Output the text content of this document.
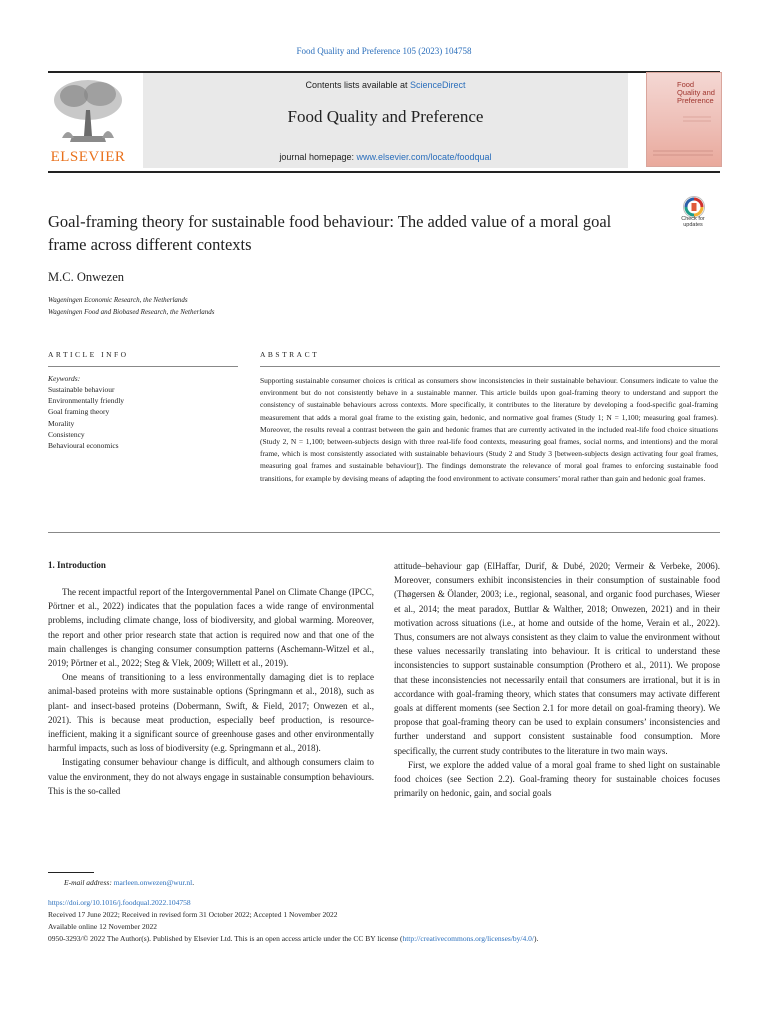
Food Quality and Preference 105 (2023) 104758
ELSEVIER
Contents lists available at ScienceDirect
Food Quality and Preference
journal homepage: www.elsevier.com/locate/foodqual
Food Quality and Preference
Goal-framing theory for sustainable food behaviour: The added value of a moral goal frame across different contexts
Check for updates
M.C. Onwezen
Wageningen Economic Research, the Netherlands
Wageningen Food and Biobased Research, the Netherlands
ARTICLE INFO	ABSTRACT
Keywords:
Sustainable behaviour
Environmentally friendly
Goal framing theory
Morality
Consistency
Behavioural economics
Supporting sustainable consumer choices is critical as consumers show inconsistencies in their sustainable behaviour. Consumers indicate to value the environment but do not consistently behave in a sustainable manner. This article builds upon goal-framing theory to understand and support the consistency of sustainable behaviours across contexts. More specifically, it contributes to the literature by developing a food-specific goal-framing measurement that adds a moral goal frame to the existing gain, hedonic, and normative goal frames (Study 1; N = 1,100; measuring goal frames). Moreover, the results reveal a contrast between the gain and hedonic frames that are currently activated in the included real-life food choice situations (Study 2, N = 1,100; between-subjects design with three real-life food contexts, measuring goal frames, social norms, and intentions) and the moral frame, which is most consistently associated with sustainable behaviours (Study 2 and Study 3 [between-subjects design activating four goal frames, measuring goal frames and sustainable behaviour]). The findings demonstrate the relevance of moral goal frames to enforcing sustainable food transitions, for example by devising means of adapting the food environment to activate consumers’ moral rather than gain and hedonic goal frames.
1. Introduction

The recent impactful report of the Intergovernmental Panel on Climate Change (IPCC, Pörtner et al., 2022) indicates that the population faces a wide range of environmental problems, including climate change, loss of biodiversity, and global warming. Moreover, the report and other prior research state that action is required now and that one of the main challenges is changing consumer consumption patterns (Aschemann-Witzel et al., 2019; Pörtner et al., 2022; Steg & Vlek, 2009; Willett et al., 2019).

One means of transitioning to a less environmentally damaging diet is to replace animal-based proteins with more sustainable options (Springmann et al., 2018), such as plant- and insect-based proteins (Dobermann, Swift, & Field, 2017; Onwezen et al., 2021). This is because meat production, especially beef production, is resource-inefficient, making it a significant source of greenhouse gases and other environmentally harmful impacts, such as loss of biodiversity (e.g. Springmann et al., 2018).

Instigating consumer behaviour change is difficult, and although consumers claim to value the environment, they do not always engage in sustainable consumption behaviours. This is the so-called

attitude–behaviour gap (ElHaffar, Durif, & Dubé, 2020; Vermeir & Verbeke, 2006). Moreover, consumers exhibit inconsistencies in their consumption of sustainable food (Thøgersen & Ölander, 2003; i.e., regional, seasonal, and organic food purchases, Wieser et al., 2014; the meat paradox, Buttlar & Walther, 2018; Onwezen, 2021) and in their motivation across situations (i.e., at home and outside of the home, Verain et al., 2022). Thus, consumers are not always consistent as they claim to value the environment without these values necessarily translating into behaviour. It is critical to understand these inconsistencies to support sustainable consumption (Prothero et al., 2011). We propose that these inconsistencies not necessarily entail that consumers are irrational, but it is in accordance with goal-framing theory, which states that consumers may activate different goals at different moments (see Section 2.1 for more detail on goal-framing theory). We propose that goal-framing theory can be used to explain consumers’ inconsistencies and further understand and support consistent sustainable food consumption. More specifically, the current study contributes to the literature in two main ways.

First, we explore the added value of a moral goal frame to shed light on sustainable food choices (see Section 2.2). Goal-framing theory for sustainable choices focuses primarily on hedonic, gain, and social goals

E-mail address: marleen.onwezen@wur.nl.
https://doi.org/10.1016/j.foodqual.2022.104758
Received 17 June 2022; Received in revised form 31 October 2022; Accepted 1 November 2022
Available online 12 November 2022
0950-3293/© 2022 The Author(s). Published by Elsevier Ltd. This is an open access article under the CC BY license (http://creativecommons.org/licenses/by/4.0/).
